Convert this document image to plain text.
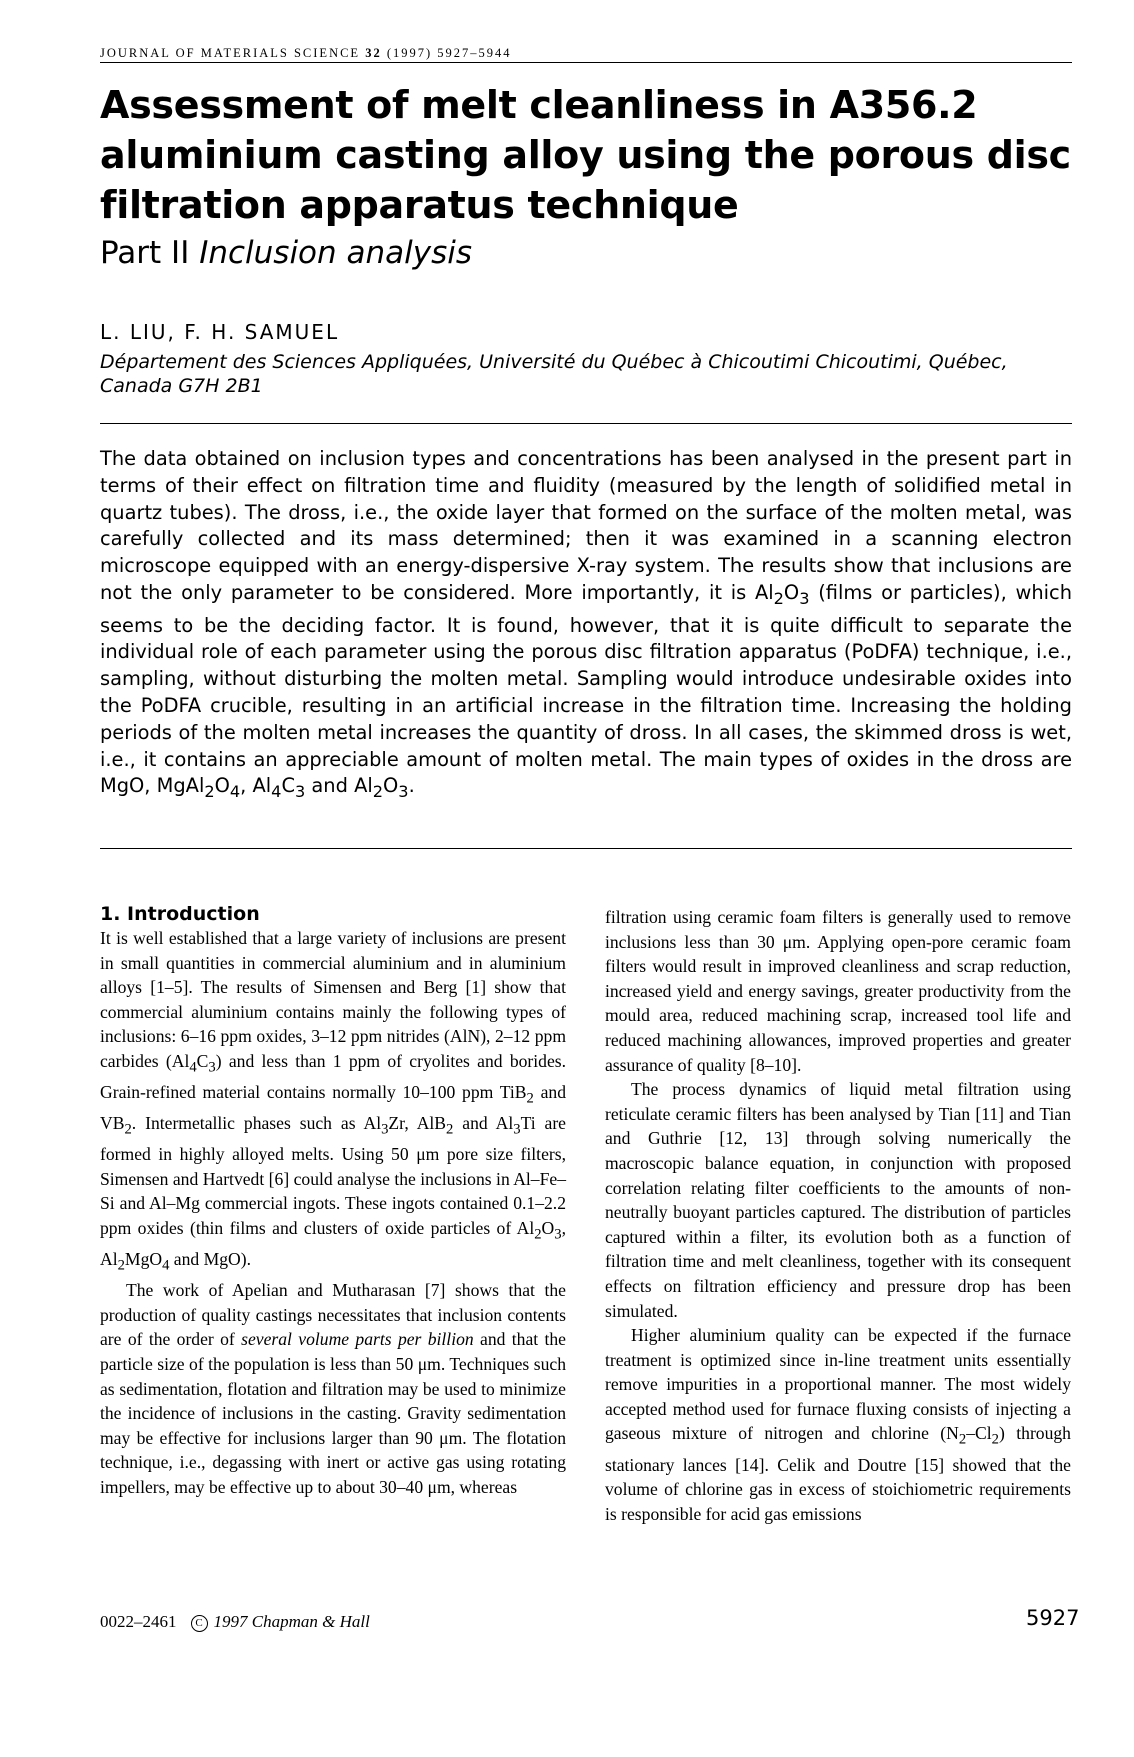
JOURNAL OF MATERIALS SCIENCE 32 (1997) 5927–5944
Assessment of melt cleanliness in A356.2 aluminium casting alloy using the porous disc filtration apparatus technique
Part II Inclusion analysis
L. LIU, F. H. SAMUEL
Département des Sciences Appliquées, Université du Québec à Chicoutimi Chicoutimi, Québec, Canada G7H 2B1

The data obtained on inclusion types and concentrations has been analysed in the present part in terms of their effect on filtration time and fluidity (measured by the length of solidified metal in quartz tubes). The dross, i.e., the oxide layer that formed on the surface of the molten metal, was carefully collected and its mass determined; then it was examined in a scanning electron microscope equipped with an energy-dispersive X-ray system. The results show that inclusions are not the only parameter to be considered. More importantly, it is $Al_2O_3$ (films or particles), which seems to be the deciding factor. It is found, however, that it is quite difficult to separate the individual role of each parameter using the porous disc filtration apparatus (PoDFA) technique, i.e., sampling, without disturbing the molten metal. Sampling would introduce undesirable oxides into the PoDFA crucible, resulting in an artificial increase in the filtration time. Increasing the holding periods of the molten metal increases the quantity of dross. In all cases, the skimmed dross is wet, i.e., it contains an appreciable amount of molten metal. The main types of oxides in the dross are MgO, $MgAl_2O_4$, $Al_4C_3$ and $Al_2O_3$.

1. Introduction

It is well established that a large variety of inclusions are present in small quantities in commercial aluminium and in aluminium alloys [1–5]. The results of Simensen and Berg [1] show that commercial aluminium contains mainly the following types of inclusions: 6–16 ppm oxides, 3–12 ppm nitrides (AlN), 2–12 ppm carbides $(Al_4C_3)$ and less than 1 ppm of cryolites and borides. Grain-refined material contains normally 10–100 ppm TiB$_2$ and $VB_2$. Intermetallic phases such as $Al_3Zr$, AlB$_2$ and $Al_3Ti$ are formed in highly alloyed melts. Using 50 μm pore size filters, Simensen and Hartvedt [6] could analyse the inclusions in Al–Fe–Si and Al–Mg commercial ingots. These ingots contained 0.1–2.2 ppm oxides (thin films and clusters of oxide particles of $Al_2O_3$, $Al_2MgO_4$ and MgO).

The work of Apelian and Mutharasan [7] shows that the production of quality castings necessitates that inclusion contents are of the order of several volume parts per billion and that the particle size of the population is less than 50 μm. Techniques such as sedimentation, flotation and filtration may be used to minimize the incidence of inclusions in the casting. Gravity sedimentation may be effective for inclusions larger than 90 μm. The flotation technique, i.e., degassing with inert or active gas using rotating impellers, may be effective up to about 30–40 μm, whereas

filtration using ceramic foam filters is generally used to remove inclusions less than 30 μm. Applying open-pore ceramic foam filters would result in improved cleanliness and scrap reduction, increased yield and energy savings, greater productivity from the mould area, reduced machining scrap, increased tool life and reduced machining allowances, improved properties and greater assurance of quality [8–10].

The process dynamics of liquid metal filtration using reticulate ceramic filters has been analysed by Tian [11] and Tian and Guthrie [12, 13] through solving numerically the macroscopic balance equation, in conjunction with proposed correlation relating filter coefficients to the amounts of non-neutrally buoyant particles captured. The distribution of particles captured within a filter, its evolution both as a function of filtration time and melt cleanliness, together with its consequent effects on filtration efficiency and pressure drop has been simulated.

Higher aluminium quality can be expected if the furnace treatment is optimized since in-line treatment units essentially remove impurities in a proportional manner. The most widely accepted method used for furnace fluxing consists of injecting a gaseous mixture of nitrogen and chlorine $(N_2-Cl_2)$ through stationary lances [14]. Celik and Doutre [15] showed that the volume of chlorine gas in excess of stoichiometric requirements is responsible for acid gas emissions

0022–2461 C 1997 Chapman & Hall	5927
